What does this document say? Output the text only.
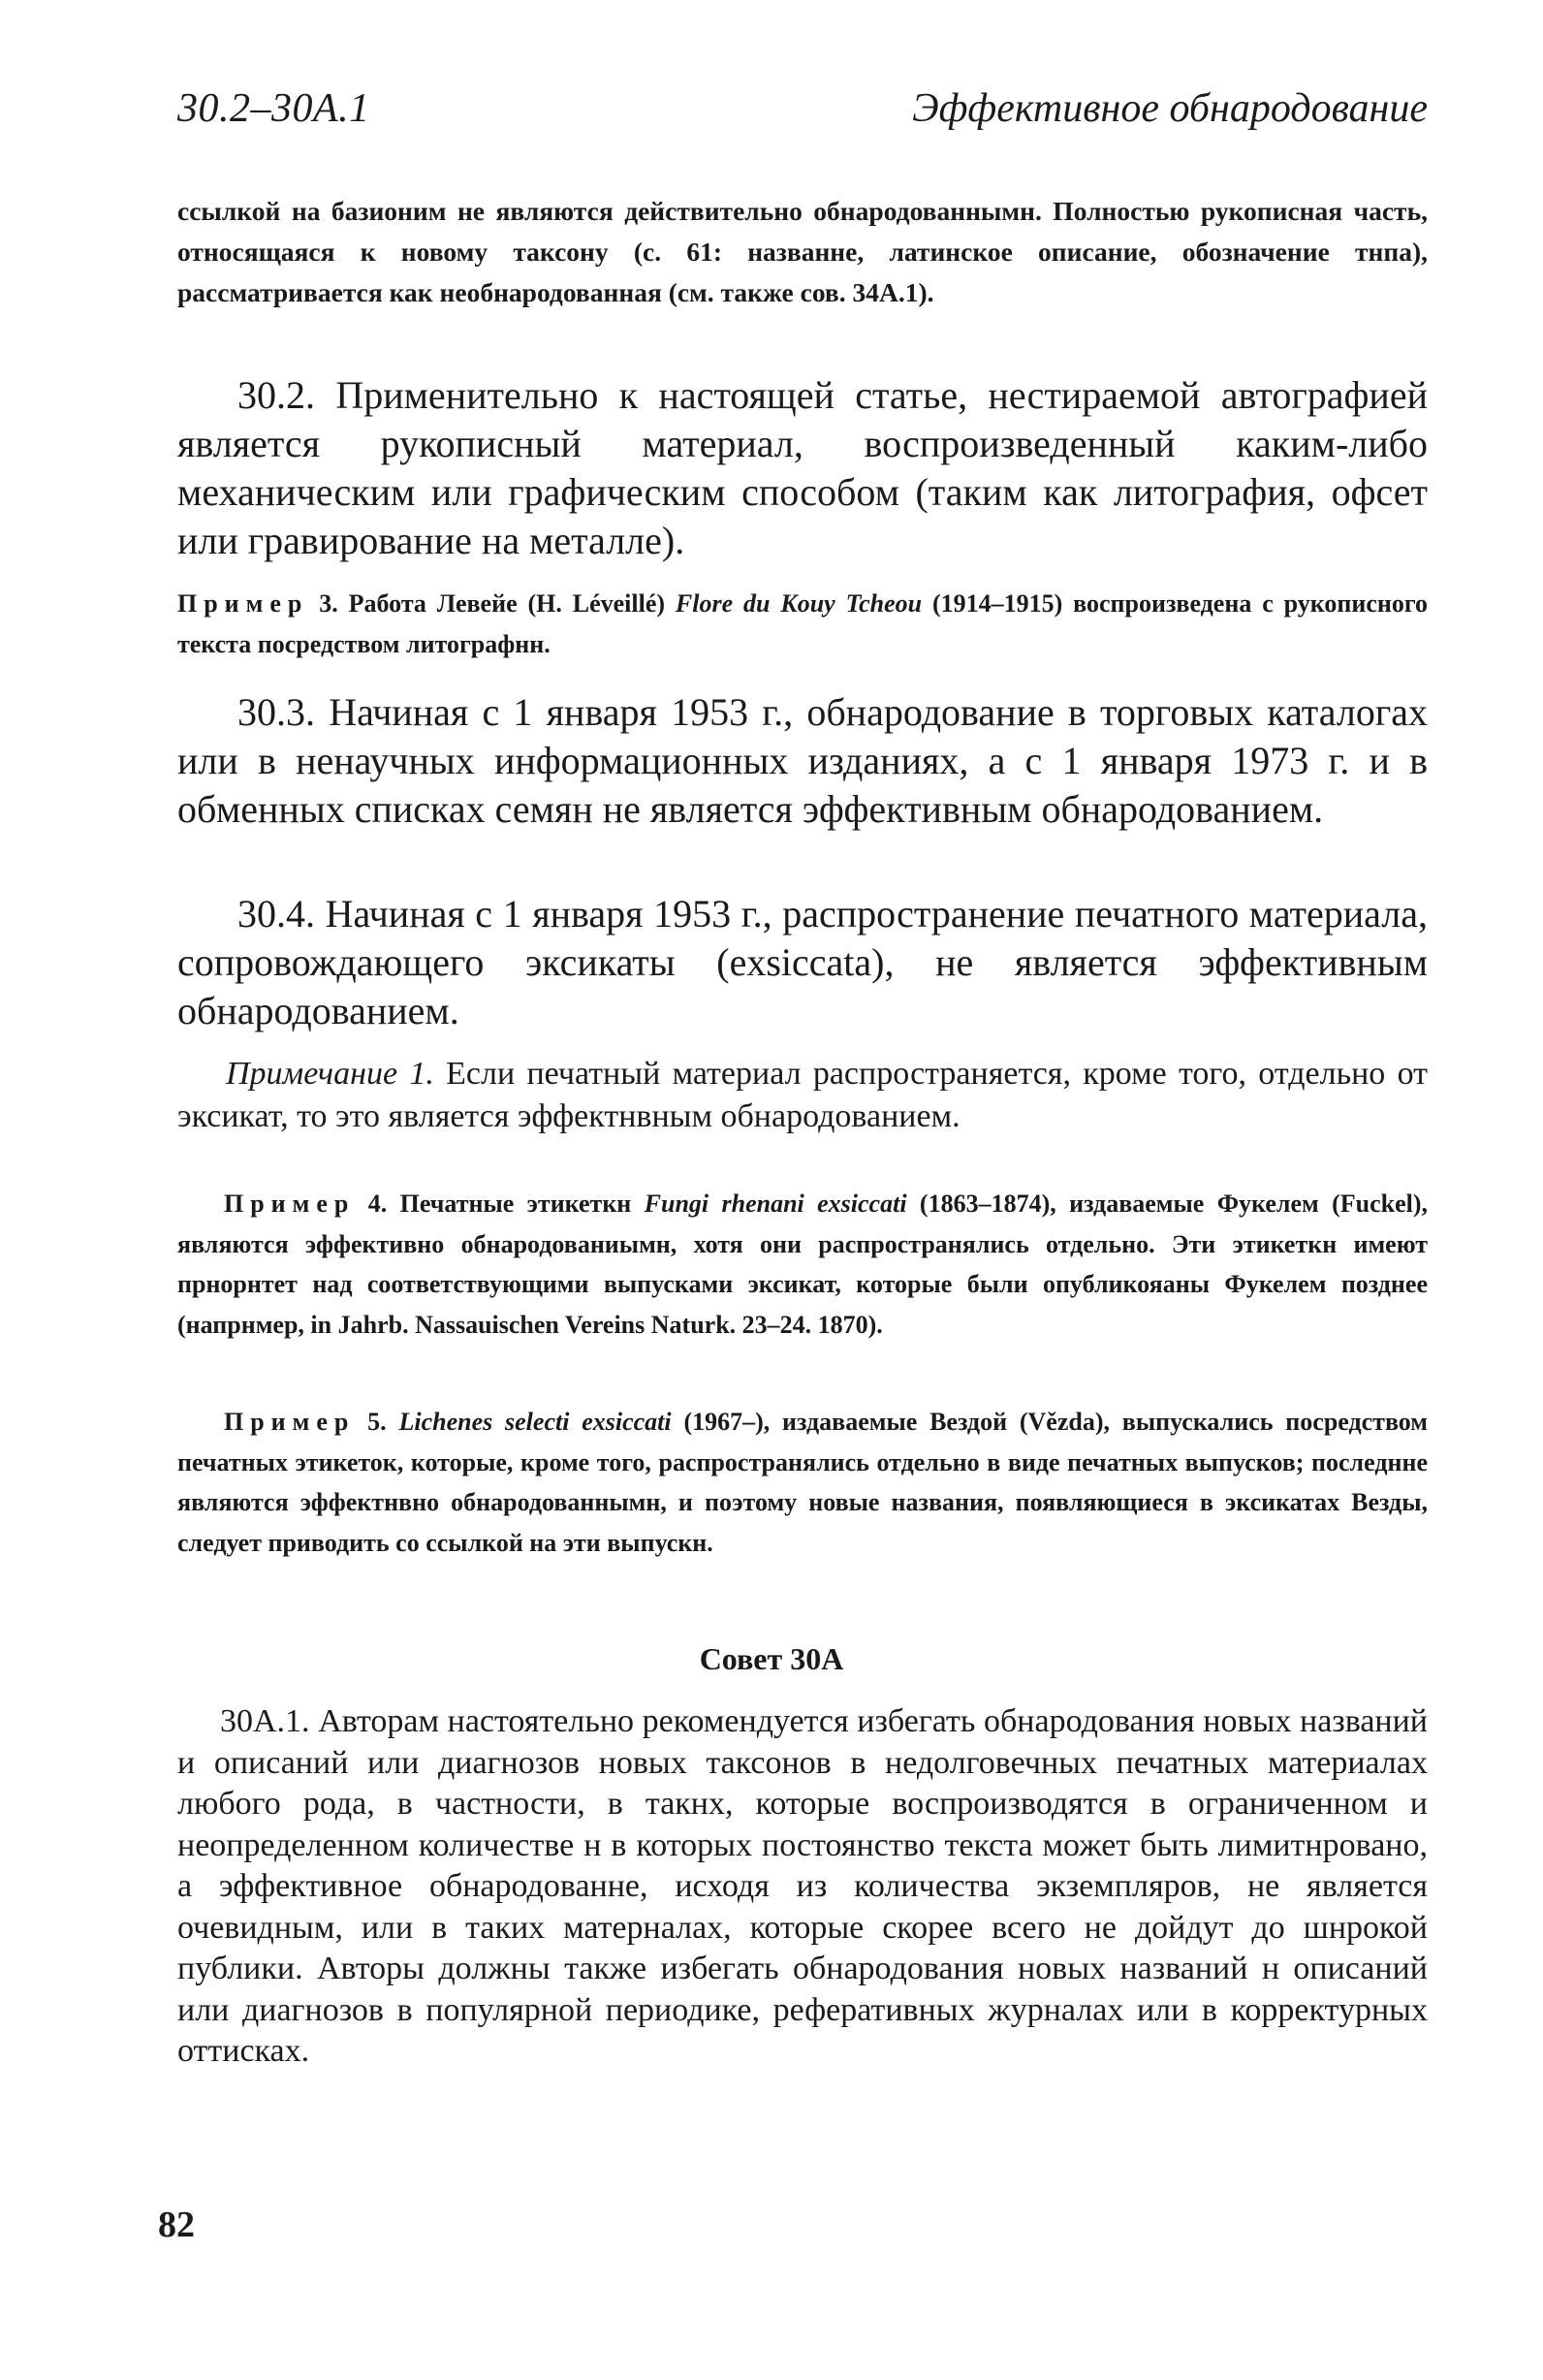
30.2–30A.1	Эффективное обнародование
ссылкой на базионим не являются действительно обнародованнымн. Полностью рукописная часть, относящаяся к новому таксону (с. 61: названне, латинское описание, обозначение тнпа), рассматривается как необнародованная (см. также сов. 34А.1).
30.2. Применительно к настоящей статье, нестираемой автографией является рукописный материал, воспроизведенный каким-либо механическим или графическим способом (таким как литография, офсет или гравирование на металле).
Пример 3. Работа Левейе (H. Léveillé) Flore du Kouy Tcheou (1914–1915) воспроизведена с рукописного текста посредством литографнн.
30.3. Начиная с 1 января 1953 г., обнародование в торговых каталогах или в ненаучных информационных изданиях, а с 1 января 1973 г. и в обменных списках семян не является эффективным обнародованием.
30.4. Начиная с 1 января 1953 г., распространение печатного материала, сопровождающего эксикаты (exsiccata), не является эффективным обнародованием.
Примечание 1. Если печатный материал распространяется, кроме того, отдельно от эксикат, то это является эффектнвным обнародованием.
Пример 4. Печатные этикеткн Fungi rhenani exsiccati (1863–1874), издаваемые Фукелем (Fuckel), являются эффективно обнародованиымн, хотя они распространялись отдельно. Эти этикеткн имеют прнорнтет над соответствующими выпусками эксикат, которые были опубликояаны Фукелем позднее (напрнмер, in Jahrb. Nassauischen Vereins Naturk. 23–24. 1870).
Пример 5. Lichenes selecti exsiccati (1967–), издаваемые Вездой (Vězda), выпускались посредством печатных этикеток, которые, кроме того, распространялись отдельно в виде печатных выпусков; последнне являются эффектнвно обнародованнымн, и поэтому новые названия, появляющиеся в эксикатах Везды, следует приводить со ссылкой на эти выпускн.
Совет 30А
30А.1. Авторам настоятельно рекомендуется избегать обнародования новых названий и описаний или диагнозов новых таксонов в недолговечных печатных материалах любого рода, в частности, в такнх, которые воспроизводятся в ограниченном и неопределенном количестве н в которых постоянство текста может быть лимитнровано, а эффективное обнародованне, исходя из количества экземпляров, не является очевидным, или в таких матерналах, которые скорее всего не дойдут до шнрокой публики. Авторы должны также избегать обнародования новых названий н описаний или диагнозов в популярной периодике, реферативных журналах или в корректурных оттисках.
82
